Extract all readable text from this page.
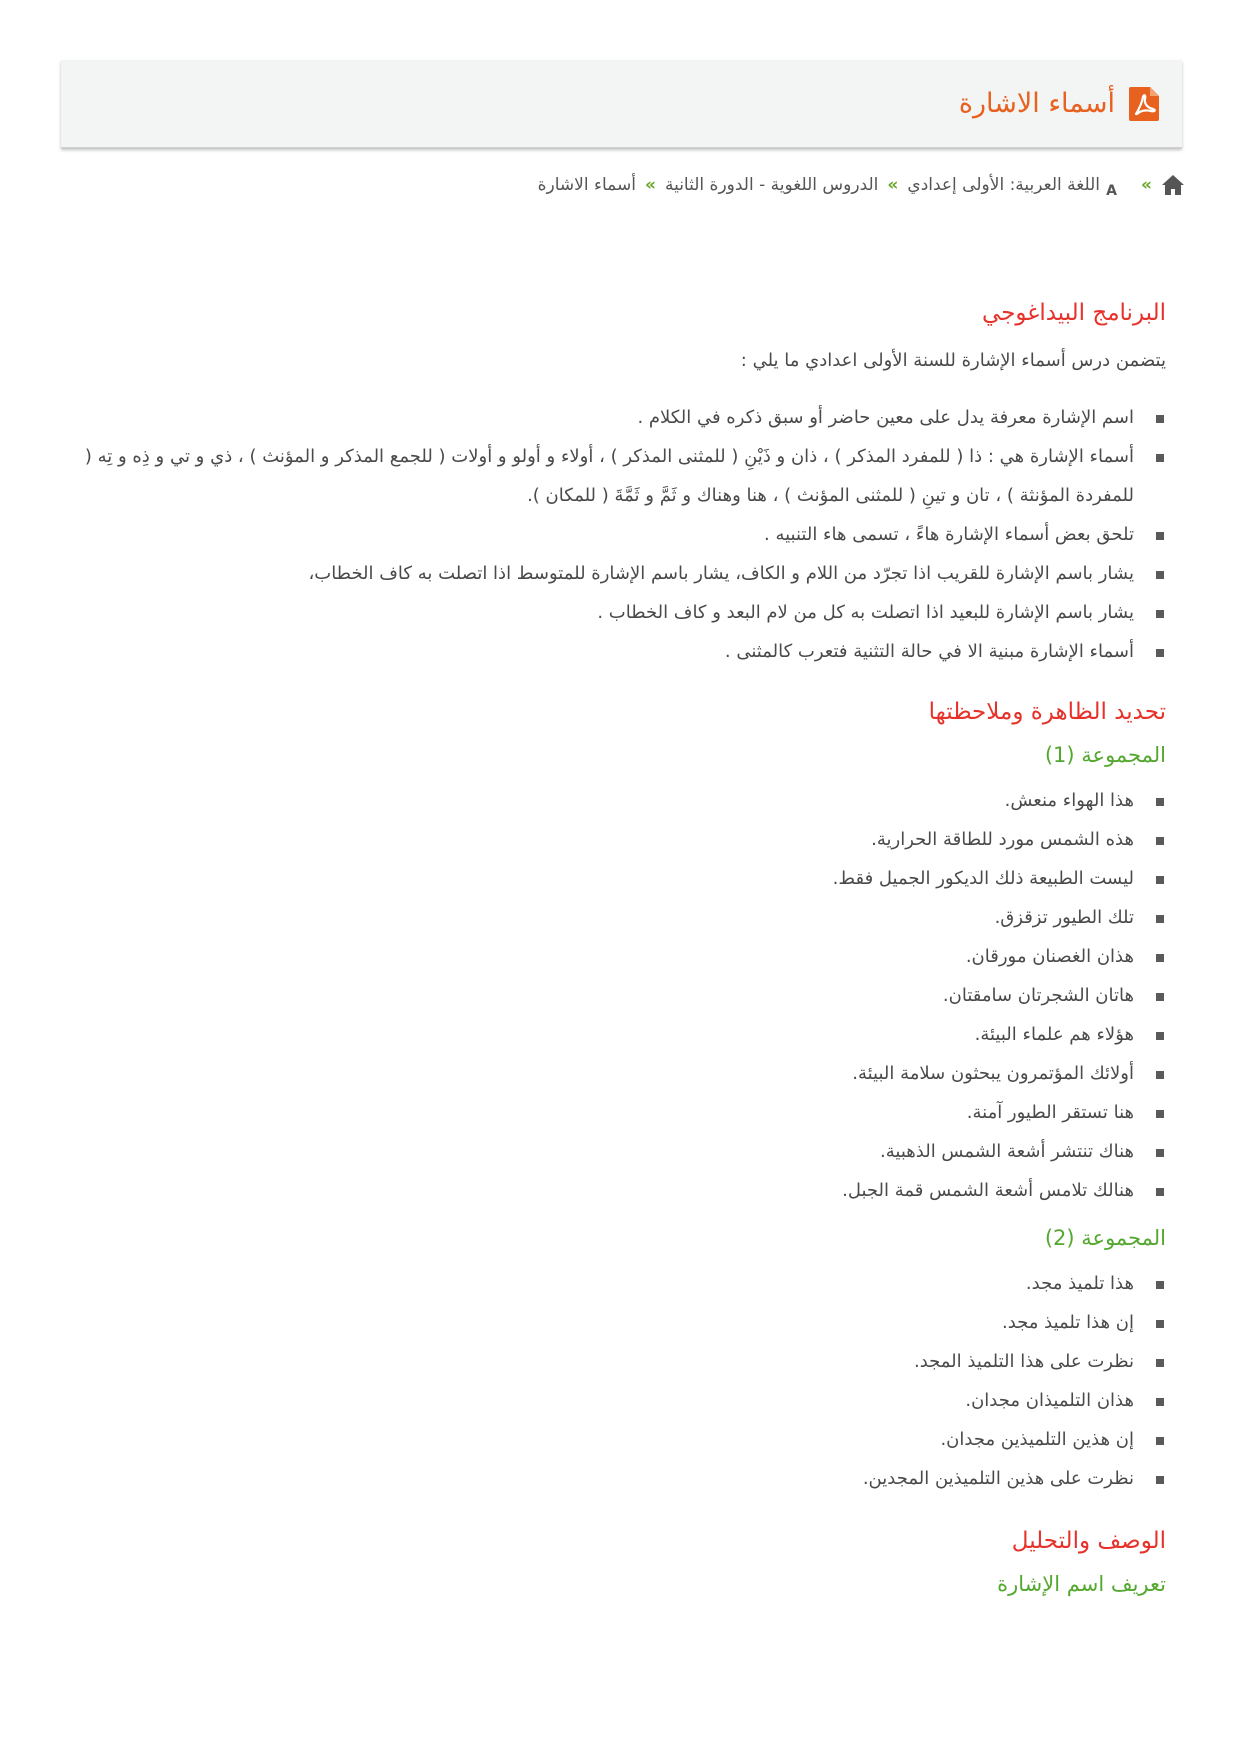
أسماء الاشارة
»
A
اللغة العربية: الأولى إعدادي
»
الدروس اللغوية - الدورة الثانية
»
أسماء الاشارة
البرنامج البيداغوجي

يتضمن درس أسماء الإشارة للسنة الأولى اعدادي ما يلي :

اسم الإشارة معرفة يدل على معين حاضر أو سبق ذكره في الكلام .
أسماء الإشارة هي : ذا ( للمفرد المذكر ) ، ذان و ذَيْنِ ( للمثنى المذكر ) ، أولاء و أولو و أولات ( للجمع المذكر و المؤنث ) ، ذي و تي و ذِه و تِه ( للمفردة المؤنثة ) ، تان و تينِ ( للمثنى المؤنث ) ، هنا وهناك و ثَمَّ و ثَمَّةَ ( للمكان ).
تلحق بعض أسماء الإشارة هاءً ، تسمى هاء التنبيه .
يشار باسم الإشارة للقريب اذا تجرّد من اللام و الكاف، يشار باسم الإشارة للمتوسط اذا اتصلت به كاف الخطاب،
يشار باسم الإشارة للبعيد اذا اتصلت به كل من لام البعد و كاف الخطاب .
أسماء الإشارة مبنية الا في حالة التثنية فتعرب كالمثنى .
تحديد الظاهرة وملاحظتها
المجموعة (1)
هذا الهواء منعش.
هذه الشمس مورد للطاقة الحرارية.
ليست الطبيعة ذلك الديكور الجميل فقط.
تلك الطيور تزقزق.
هذان الغصنان مورقان.
هاتان الشجرتان سامقتان.
هؤلاء هم علماء البيئة.
أولائك المؤتمرون يبحثون سلامة البيئة.
هنا تستقر الطيور آمنة.
هناك تنتشر أشعة الشمس الذهبية.
هنالك تلامس أشعة الشمس قمة الجبل.
المجموعة (2)
هذا تلميذ مجد.
إن هذا تلميذ مجد.
نظرت على هذا التلميذ المجد.
هذان التلميذان مجدان.
إن هذين التلميذين مجدان.
نظرت على هذين التلميذين المجدين.
الوصف والتحليل
تعريف اسم الإشارة
